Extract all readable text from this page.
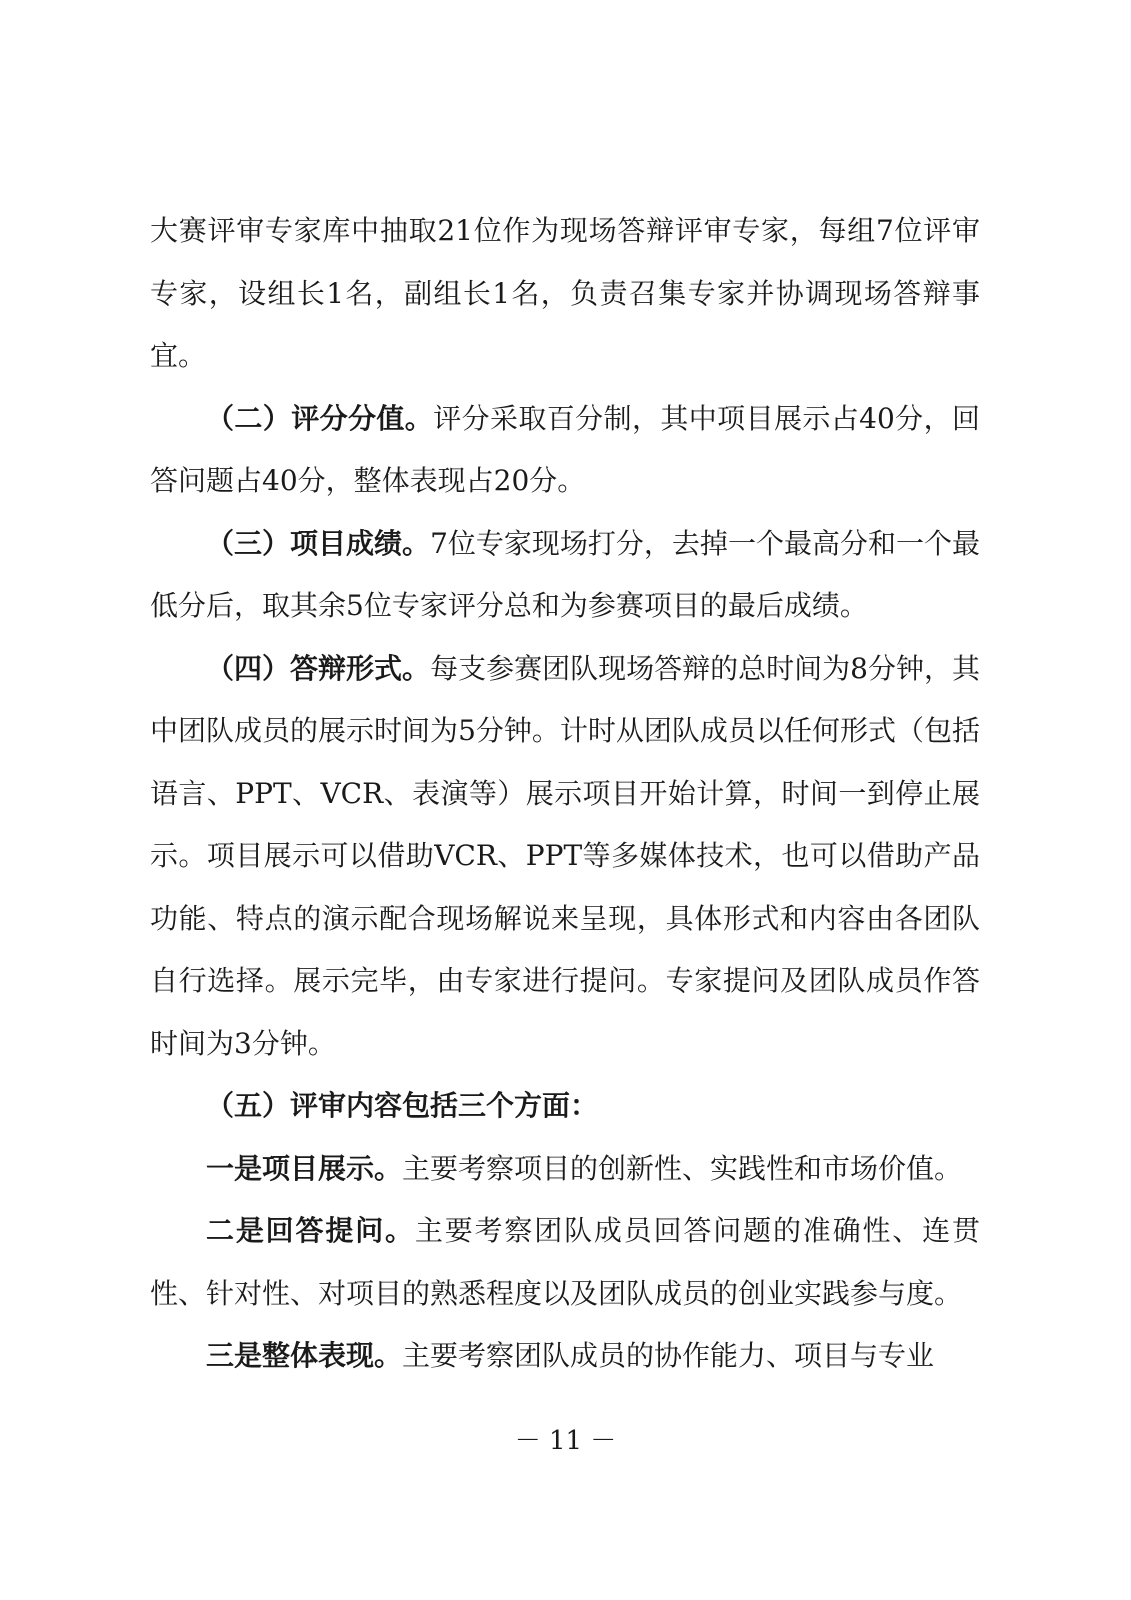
大赛评审专家库中抽取21位作为现场答辩评审专家，每组7位评审专家，设组长1名，副组长1名，负责召集专家并协调现场答辩事宜。

（二）评分分值。评分采取百分制，其中项目展示占40分，回答问题占40分，整体表现占20分。

（三）项目成绩。7位专家现场打分，去掉一个最高分和一个最低分后，取其余5位专家评分总和为参赛项目的最后成绩。

（四）答辩形式。每支参赛团队现场答辩的总时间为8分钟，其中团队成员的展示时间为5分钟。计时从团队成员以任何形式（包括语言、PPT、VCR、表演等）展示项目开始计算，时间一到停止展示。项目展示可以借助VCR、PPT等多媒体技术，也可以借助产品功能、特点的演示配合现场解说来呈现，具体形式和内容由各团队自行选择。展示完毕，由专家进行提问。专家提问及团队成员作答时间为3分钟。

（五）评审内容包括三个方面：

一是项目展示。主要考察项目的创新性、实践性和市场价值。

二是回答提问。主要考察团队成员回答问题的准确性、连贯性、针对性、对项目的熟悉程度以及团队成员的创业实践参与度。

三是整体表现。主要考察团队成员的协作能力、项目与专业

－ 11 －
